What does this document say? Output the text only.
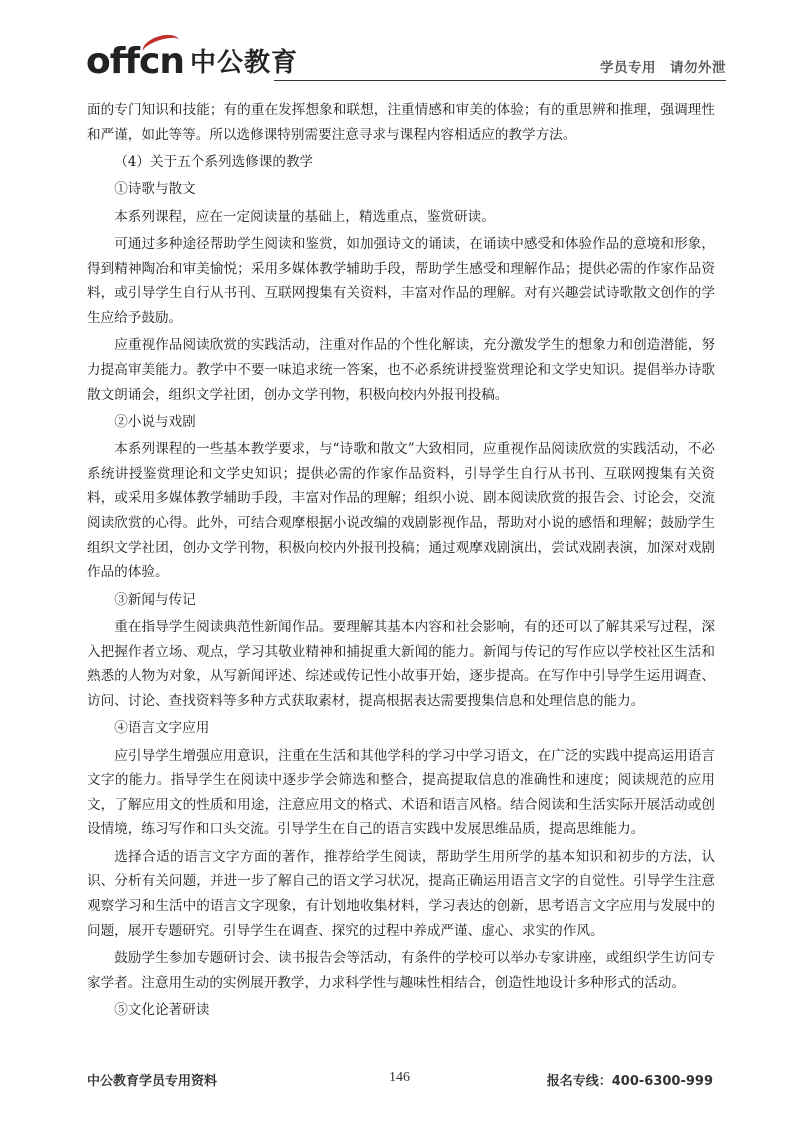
offcn 中公教育	学员专用 请勿外泄

面的专门知识和技能；有的重在发挥想象和联想，注重情感和审美的体验；有的重思辨和推理，强调理性和严谨，如此等等。所以选修课特别需要注意寻求与课程内容相适应的教学方法。

（4）关于五个系列选修课的教学

①诗歌与散文

本系列课程，应在一定阅读量的基础上，精选重点，鉴赏研读。

可通过多种途径帮助学生阅读和鉴赏，如加强诗文的诵读，在诵读中感受和体验作品的意境和形象，得到精神陶冶和审美愉悦；采用多媒体教学辅助手段，帮助学生感受和理解作品；提供必需的作家作品资料，或引导学生自行从书刊、互联网搜集有关资料，丰富对作品的理解。对有兴趣尝试诗歌散文创作的学生应给予鼓励。

应重视作品阅读欣赏的实践活动，注重对作品的个性化解读，充分激发学生的想象力和创造潜能，努力提高审美能力。教学中不要一味追求统一答案，也不必系统讲授鉴赏理论和文学史知识。提倡举办诗歌散文朗诵会，组织文学社团，创办文学刊物，积极向校内外报刊投稿。

②小说与戏剧

本系列课程的一些基本教学要求，与“诗歌和散文”大致相同，应重视作品阅读欣赏的实践活动，不必系统讲授鉴赏理论和文学史知识；提供必需的作家作品资料，引导学生自行从书刊、互联网搜集有关资料，或采用多媒体教学辅助手段，丰富对作品的理解；组织小说、剧本阅读欣赏的报告会、讨论会，交流阅读欣赏的心得。此外，可结合观摩根据小说改编的戏剧影视作品，帮助对小说的感悟和理解；鼓励学生组织文学社团，创办文学刊物，积极向校内外报刊投稿；通过观摩戏剧演出，尝试戏剧表演，加深对戏剧作品的体验。

③新闻与传记

重在指导学生阅读典范性新闻作品。要理解其基本内容和社会影响，有的还可以了解其采写过程，深入把握作者立场、观点，学习其敬业精神和捕捉重大新闻的能力。新闻与传记的写作应以学校社区生活和熟悉的人物为对象，从写新闻评述、综述或传记性小故事开始，逐步提高。在写作中引导学生运用调查、访问、讨论、查找资料等多种方式获取素材，提高根据表达需要搜集信息和处理信息的能力。

④语言文字应用

应引导学生增强应用意识，注重在生活和其他学科的学习中学习语文，在广泛的实践中提高运用语言文字的能力。指导学生在阅读中逐步学会筛选和整合，提高提取信息的准确性和速度；阅读规范的应用文，了解应用文的性质和用途，注意应用文的格式、术语和语言风格。结合阅读和生活实际开展活动或创设情境，练习写作和口头交流。引导学生在自己的语言实践中发展思维品质，提高思维能力。

选择合适的语言文字方面的著作，推荐给学生阅读，帮助学生用所学的基本知识和初步的方法，认识、分析有关问题，并进一步了解自己的语文学习状况，提高正确运用语言文字的自觉性。引导学生注意观察学习和生活中的语言文字现象，有计划地收集材料，学习表达的创新，思考语言文字应用与发展中的问题，展开专题研究。引导学生在调查、探究的过程中养成严谨、虚心、求实的作风。

鼓励学生参加专题研讨会、读书报告会等活动，有条件的学校可以举办专家讲座，或组织学生访问专家学者。注意用生动的实例展开教学，力求科学性与趣味性相结合，创造性地设计多种形式的活动。

⑤文化论著研读

中公教育学员专用资料	146	报名专线：400-6300-999
